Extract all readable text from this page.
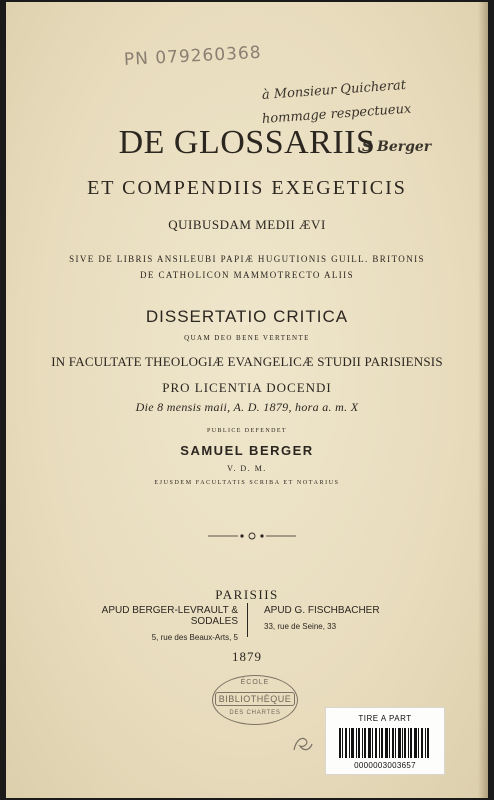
PN 079260368
à Monsieur Quicherat
hommage respectueux
S Berger
DE GLOSSARIIS
ET COMPENDIIS EXEGETICIS
QUIBUSDAM MEDII ÆVI
SIVE DE LIBRIS ANSILEUBI PAPIÆ HUGUTIONIS GUILL. BRITONIS
DE CATHOLICON MAMMOTRECTO ALIIS
DISSERTATIO CRITICA
QUAM DEO BENE VERTENTE
IN FACULTATE THEOLOGIÆ EVANGELICÆ STUDII PARISIENSIS
PRO LICENTIA DOCENDI
Die 8 mensis maii, A. D. 1879, hora a. m. X
PUBLICE DEFENDET
SAMUEL BERGER
V. D. M.
EJUSDEM FACULTATIS SCRIBA ET NOTARIUS
PARISIIS
APUD BERGER-LEVRAULT & SODALES
5, rue des Beaux-Arts, 5
APUD G. FISCHBACHER
33, rue de Seine, 33
1879
ÉCOLE
BIBLIOTHÈQUE
DES CHARTES
TIRE A PART
0000003003657
